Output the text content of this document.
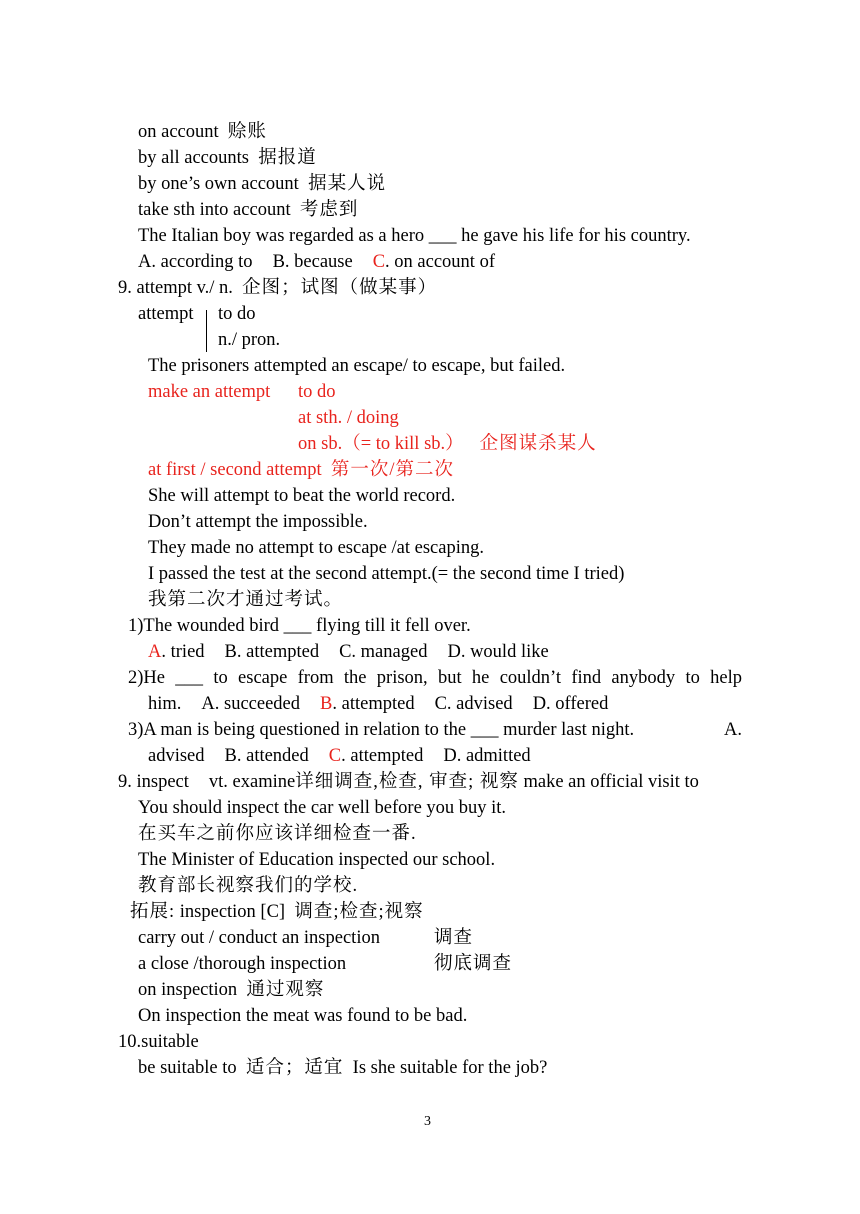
on account 赊账
by all accounts 据报道
by one’s own account 据某人说
take sth into account 考虑到
The Italian boy was regarded as a hero ___ he gave his life for his country.
A. according to B. because C. on account of
9. attempt v./ n. 企图；试图（做某事）
attempt to do
n./ pron.
The prisoners attempted an escape/ to escape, but failed.
make an attempt to do
at sth. / doing
on sb.（= to kill sb.） 企图谋杀某人
at first / second attempt 第一次/第二次
She will attempt to beat the world record.
Don’t attempt the impossible.
They made no attempt to escape /at escaping.
I passed the test at the second attempt.(= the second time I tried)
我第二次才通过考试。
1)The wounded bird ___ flying till it fell over.
A. tried B. attempted C. managed D. would like
2)He ___ to escape from the prison, but he couldn’t find anybody to help
him. A. succeeded B. attempted C. advised D. offered
3)A man is being questioned in relation to the ___ murder last night.	A.
advised B. attended C. attempted D. admitted
9. inspect vt. examine详细调查,检查, 审查; 视察 make an official visit to
You should inspect the car well before you buy it.
在买车之前你应该详细检查一番.
The Minister of Education inspected our school.
教育部长视察我们的学校.
拓展: inspection [C] 调查;检查;视察
carry out / conduct an inspection	调查
a close /thorough inspection	彻底调查
on inspection 通过观察
On inspection the meat was found to be bad.
10.suitable
be suitable to 适合；适宜 Is she suitable for the job?
3
